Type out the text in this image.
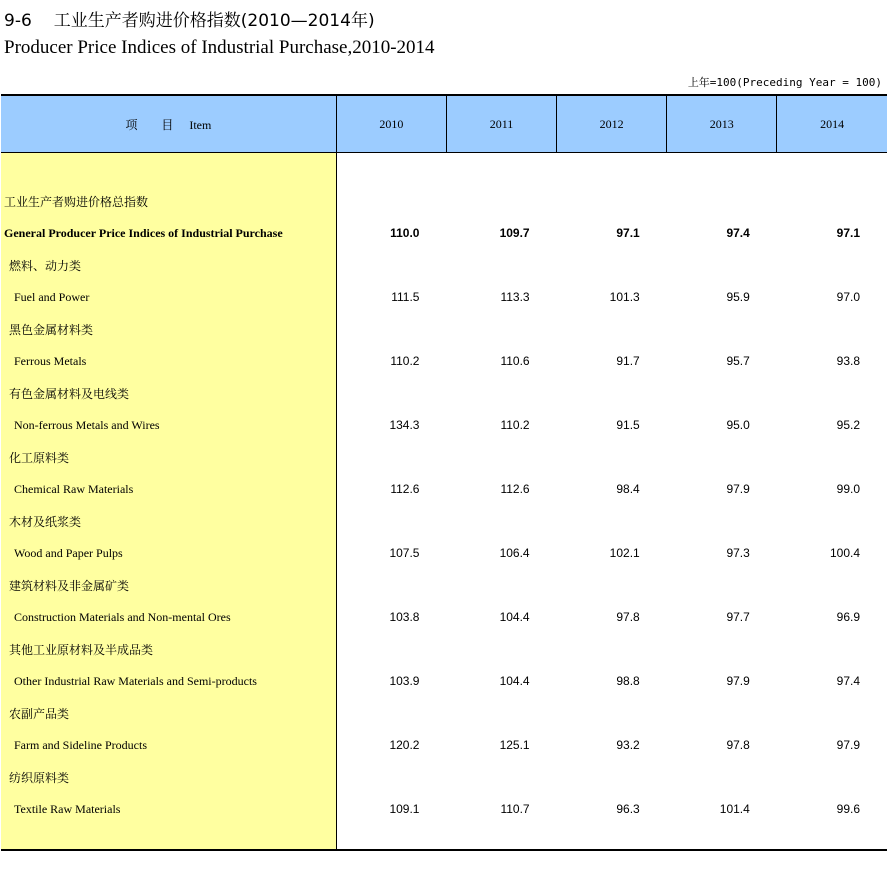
9-6 工业生产者购进价格指数(2010—2014年)
Producer Price Indices of Industrial Purchase,2010-2014
上年=100(Preceding Year = 100)
项 目 Item	2010	2011	2012	2013	2014

工业生产者购进价格总指数					
General Producer Price Indices of Industrial Purchase	110.0	109.7	97.1	97.4	97.1
燃料、动力类					
Fuel and Power	111.5	113.3	101.3	95.9	97.0
黑色金属材料类					
Ferrous Metals	110.2	110.6	91.7	95.7	93.8
有色金属材料及电线类					
Non-ferrous Metals and Wires	134.3	110.2	91.5	95.0	95.2
化工原料类					
Chemical Raw Materials	112.6	112.6	98.4	97.9	99.0
木材及纸浆类					
Wood and Paper Pulps	107.5	106.4	102.1	97.3	100.4
建筑材料及非金属矿类					
Construction Materials and Non-mental Ores	103.8	104.4	97.8	97.7	96.9
其他工业原材料及半成品类					
Other Industrial Raw Materials and Semi-products	103.9	104.4	98.8	97.9	97.4
农副产品类					
Farm and Sideline Products	120.2	125.1	93.2	97.8	97.9
纺织原料类					
Textile Raw Materials	109.1	110.7	96.3	101.4	99.6
